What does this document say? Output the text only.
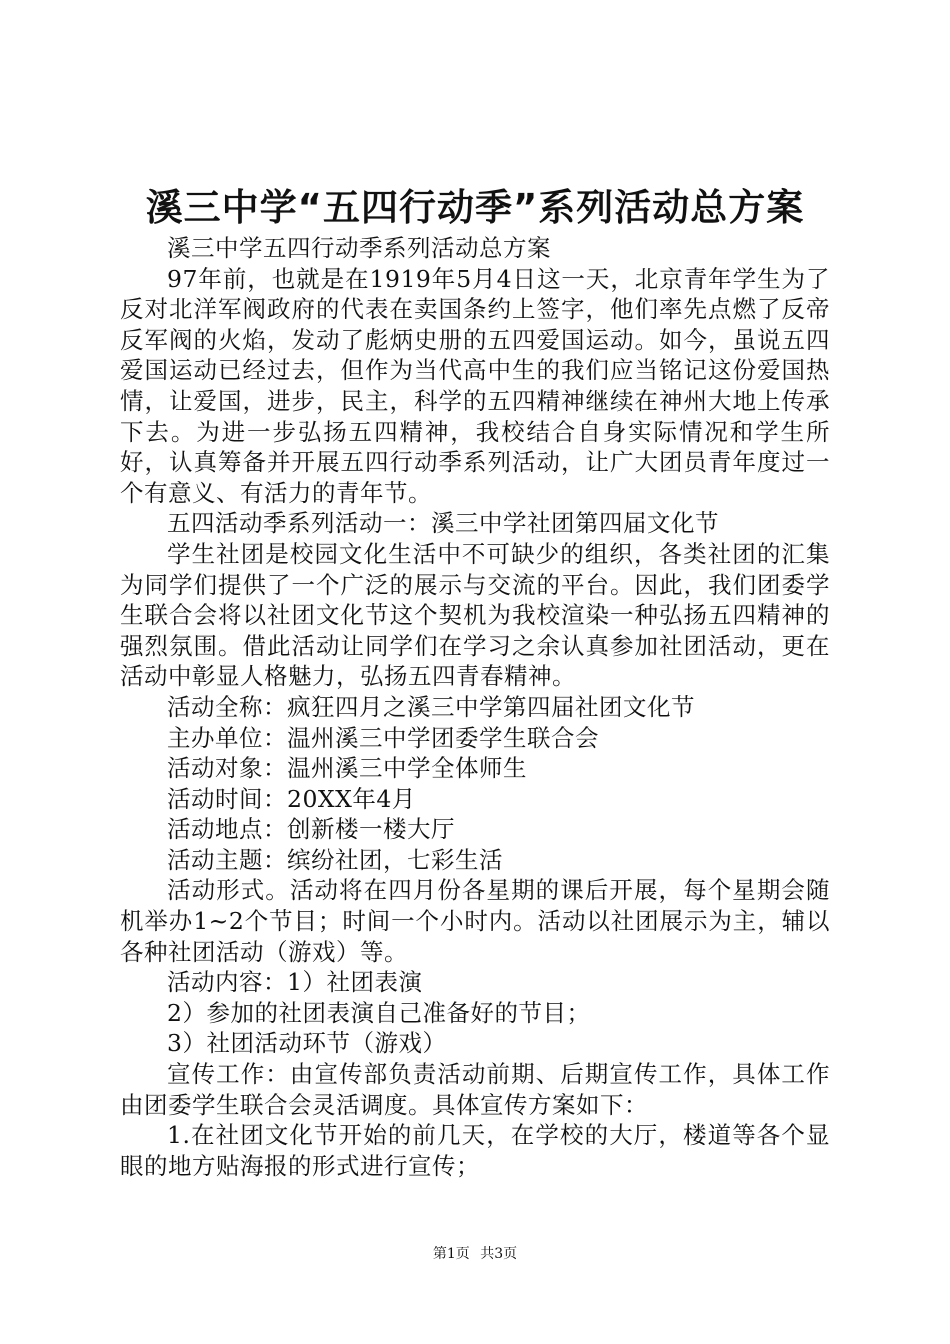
溪三中学“五四行动季”系列活动总方案

溪三中学五四行动季系列活动总方案

97年前，也就是在1919年5月4日这一天，北京青年学生为了反对北洋军阀政府的代表在卖国条约上签字，他们率先点燃了反帝反军阀的火焰，发动了彪炳史册的五四爱国运动。如今，虽说五四爱国运动已经过去，但作为当代高中生的我们应当铭记这份爱国热情，让爱国，进步，民主，科学的五四精神继续在神州大地上传承下去。为进一步弘扬五四精神，我校结合自身实际情况和学生所好，认真筹备并开展五四行动季系列活动，让广大团员青年度过一个有意义、有活力的青年节。

五四活动季系列活动一：溪三中学社团第四届文化节

学生社团是校园文化生活中不可缺少的组织，各类社团的汇集为同学们提供了一个广泛的展示与交流的平台。因此，我们团委学生联合会将以社团文化节这个契机为我校渲染一种弘扬五四精神的强烈氛围。借此活动让同学们在学习之余认真参加社团活动，更在活动中彰显人格魅力，弘扬五四青春精神。

活动全称：疯狂四月之溪三中学第四届社团文化节

主办单位：温州溪三中学团委学生联合会

活动对象：温州溪三中学全体师生

活动时间：20XX年4月

活动地点：创新楼一楼大厅

活动主题：缤纷社团，七彩生活

活动形式。活动将在四月份各星期的课后开展，每个星期会随机举办1~2个节目；时间一个小时内。活动以社团展示为主，辅以各种社团活动（游戏）等。

活动内容：1）社团表演

2）参加的社团表演自己准备好的节目；

3）社团活动环节（游戏）

宣传工作：由宣传部负责活动前期、后期宣传工作，具体工作由团委学生联合会灵活调度。具体宣传方案如下：

1.在社团文化节开始的前几天，在学校的大厅，楼道等各个显眼的地方贴海报的形式进行宣传；

第1页 共3页
